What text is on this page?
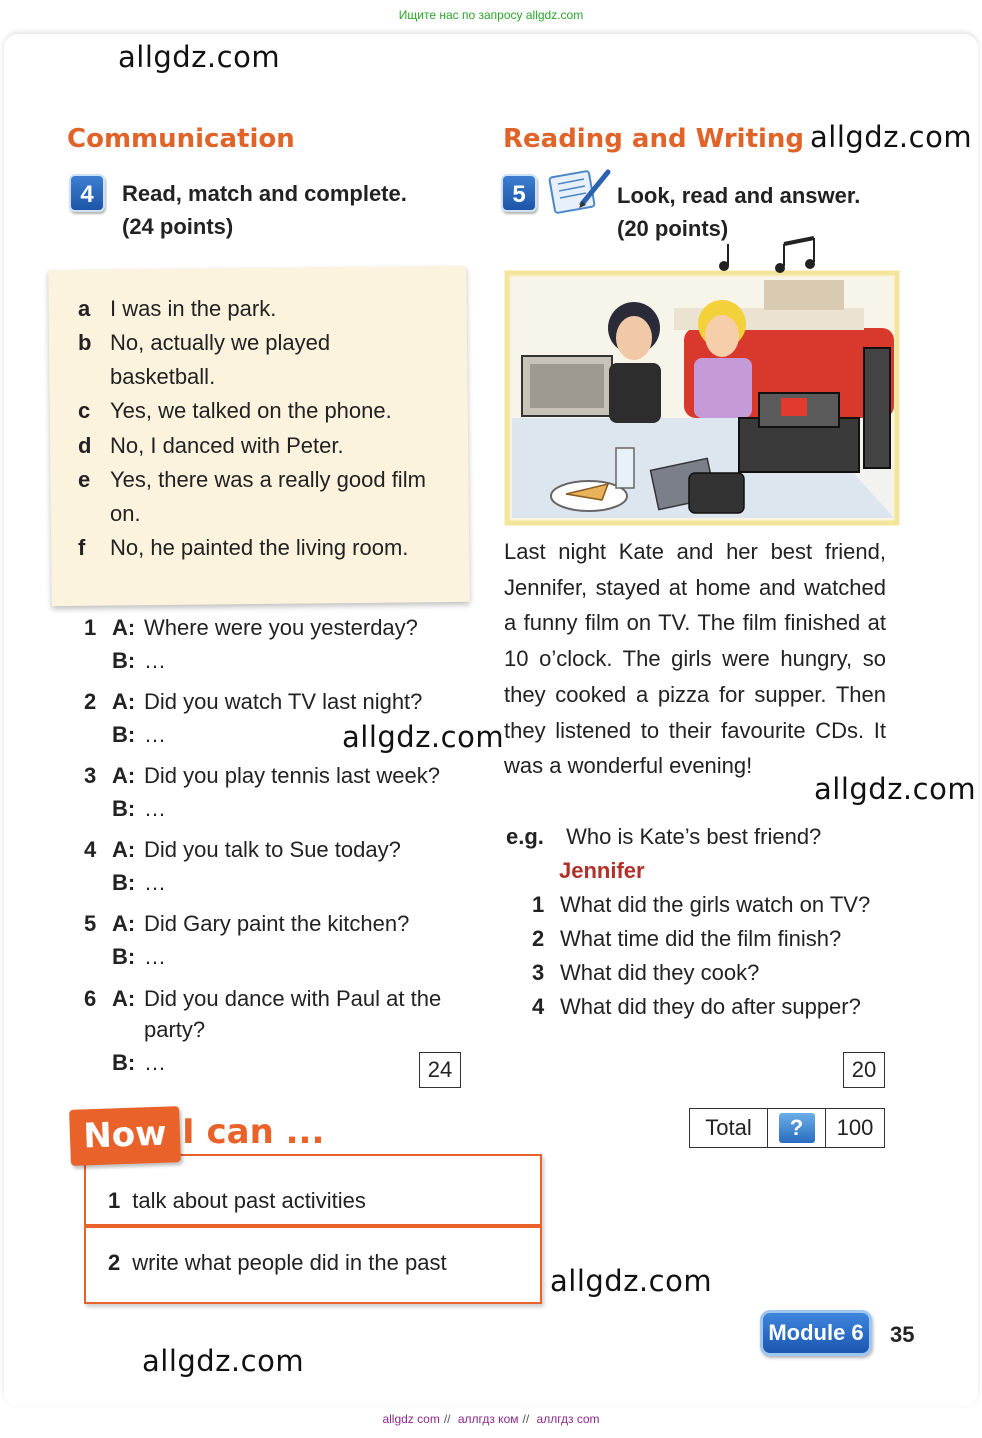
Ищите нас по запросу allgdz.com
allgdz.com
allgdz.com
allgdz.com
allgdz.com
allgdz.com
allgdz.com
Communication
4	Read, match and complete.
(24 points)
a I was in the park.
b No, actually we played
basketball.
c Yes, we talked on the phone.
d No, I danced with Peter.
e Yes, there was a really good film
on.
f No, he painted the living room.
1 A: Where were you yesterday?
B: …
2 A: Did you watch TV last night?
B: …
3 A: Did you play tennis last week?
B: …
4 A: Did you talk to Sue today?
B: …
5 A: Did Gary paint the kitchen?
B: …
6 A: Did you dance with Paul at the
party?
B: …	24
Reading and Writing
5	Look, read and answer.
(20 points)
Last night Kate and her best friend, Jennifer, stayed at home and watched a funny film on TV. The film finished at 10 o’clock. The girls were hungry, so they cooked a pizza for supper. Then they listened to their favourite CDs. It was a wonderful evening!
e.g. Who is Kate’s best friend?
Jennifer
1 What did the girls watch on TV?
2 What time did the film finish?
3 What did they cook?
4 What did they do after supper?
20
Total	?	100
1 talk about past activities
2 write what people did in the past
Now I can ...
Module 6	35
allgdz com // аллгдз ком // аллгдз com
